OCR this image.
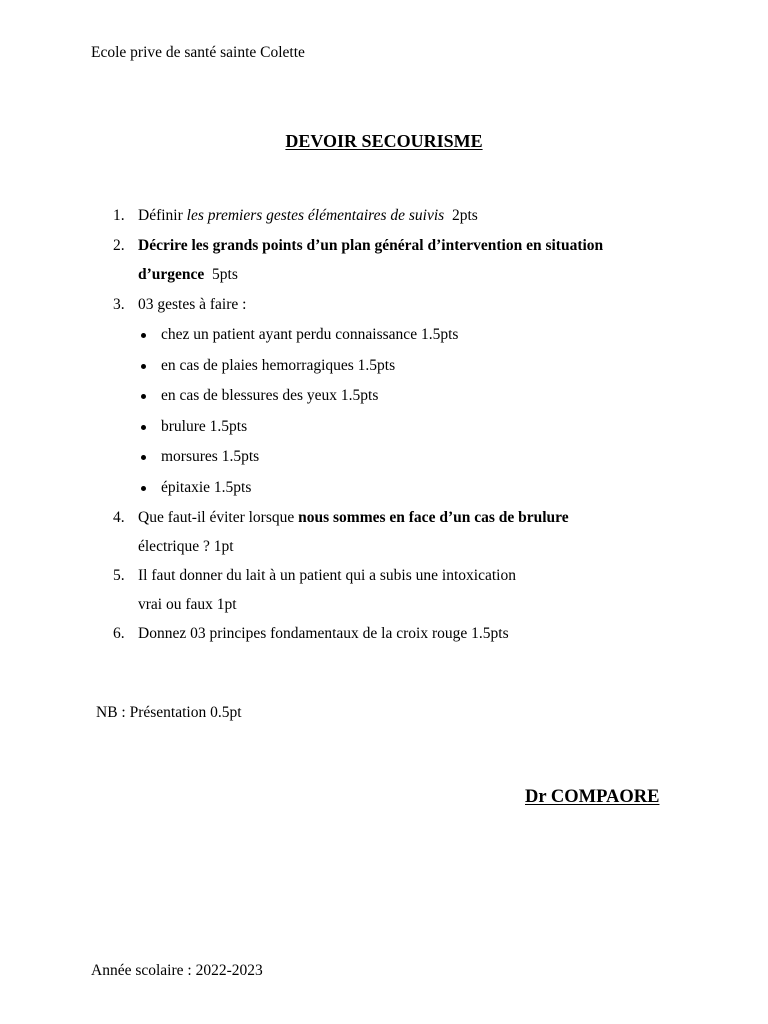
Ecole prive de santé sainte Colette
DEVOIR SECOURISME
1. Définir les premiers gestes élémentaires de suivis  2pts
2. Décrire les grands points d’un plan général d’intervention en situation
d’urgence  5pts
3. 03 gestes à faire :
chez un patient ayant perdu connaissance 1.5pts
en cas de plaies hemorragiques 1.5pts
en cas de blessures des yeux 1.5pts
brulure 1.5pts
morsures 1.5pts
épitaxie 1.5pts
4. Que faut-il éviter lorsque nous sommes en face d’un cas de brulure
électrique ? 1pt
5. Il faut donner du lait à un patient qui a subis une intoxication
vrai ou faux 1pt
6. Donnez 03 principes fondamentaux de la croix rouge 1.5pts
NB : Présentation 0.5pt
Dr COMPAORE
Année scolaire : 2022-2023
